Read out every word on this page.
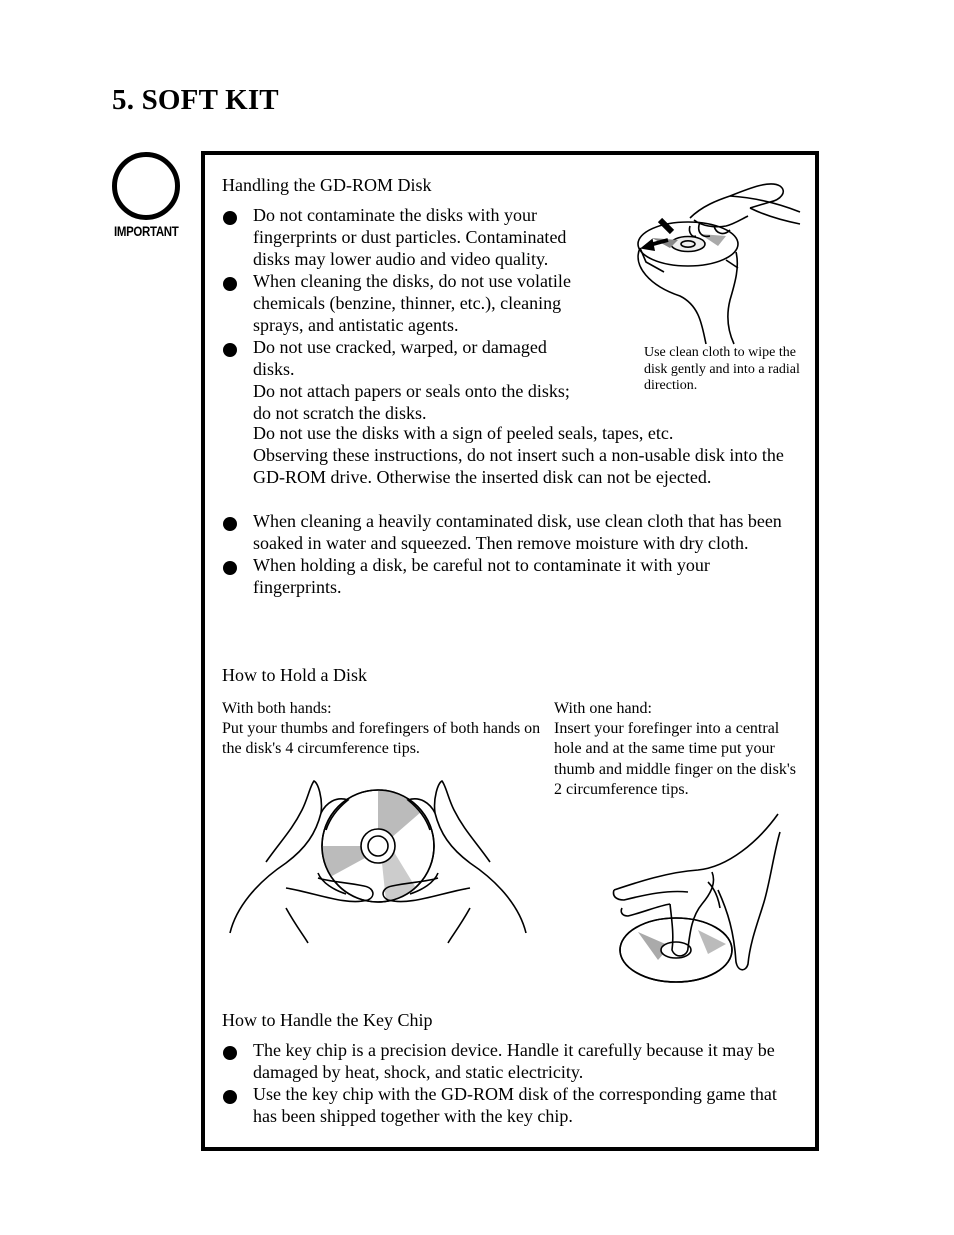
5. SOFT KIT
IMPORTANT
Handling the GD-ROM Disk
Do not contaminate the disks with your fingerprints or dust particles. Contaminated disks may lower audio and video quality.
When cleaning the disks, do not use volatile chemicals (benzine, thinner, etc.), cleaning sprays, and antistatic agents.
Do not use cracked, warped, or damaged disks.
Do not attach papers or seals onto the disks; do not scratch the disks.
Do not use the disks with a sign of peeled seals, tapes, etc.
Observing these instructions, do not insert such a non-usable disk into the GD-ROM drive. Otherwise the inserted disk can not be ejected.
When cleaning a heavily contaminated disk, use clean cloth that has been soaked in water and squeezed. Then remove moisture with dry cloth.
When holding a disk, be careful not to contaminate it with your fingerprints.
Use clean cloth to wipe the disk gently and into a radial direction.
How to Hold a Disk
With both hands:
Put your thumbs and forefingers of both hands on the disk's 4 circumference tips.
With one hand:
Insert your forefinger into a central hole and at the same time put your thumb and middle finger on the disk's 2 circumference tips.
How to Handle the Key Chip
The key chip is a precision device. Handle it carefully because it may be damaged by heat, shock, and static electricity.
Use the key chip with the GD-ROM disk of the corresponding game that has been shipped together with the key chip.
